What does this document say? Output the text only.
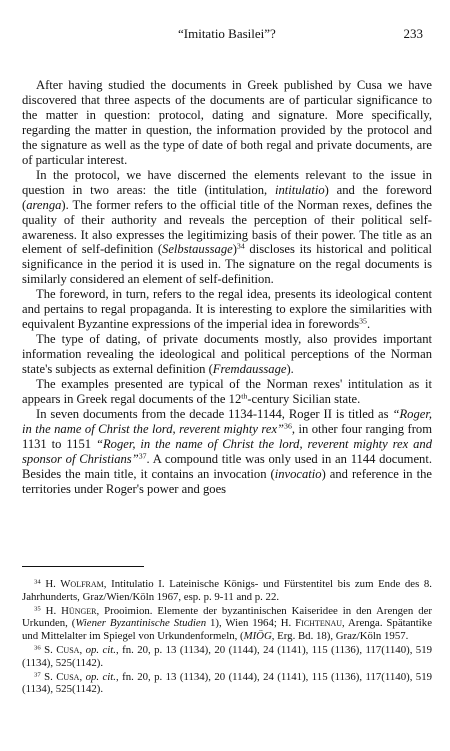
“Imitatio Basilei”?	233

After having studied the documents in Greek published by Cusa we have discovered that three aspects of the documents are of particular significance to the matter in question: protocol, dating and signature. More specifically, regarding the matter in question, the information provided by the protocol and the signature as well as the type of date of both regal and private documents, are of particular interest.

In the protocol, we have discerned the elements relevant to the issue in question in two areas: the title (intitulation, intitulatio) and the foreword (arenga). The former refers to the official title of the Norman rexes, defines the quality of their authority and reveals the perception of their political self-awareness. It also expresses the legitimizing basis of their power. The title as an element of self-definition (Selbstaussage)$^{34}$ discloses its historical and political significance in the period it is used in. The signature on the regal documents is similarly considered an element of self-definition.

The foreword, in turn, refers to the regal idea, presents its ideological content and pertains to regal propaganda. It is interesting to explore the similarities with equivalent Byzantine expressions of the imperial idea in forewords$^{35}$.

The type of dating, of private documents mostly, also provides important information revealing the ideological and political perceptions of the Norman state's subjects as external definition (Fremdaussage).

The examples presented are typical of the Norman rexes' intitulation as it appears in Greek regal documents of the 12th-century Sicilian state.

In seven documents from the decade 1134-1144, Roger II is titled as “Roger, in the name of Christ the lord, reverent mighty rex”$^{36}$, in other four ranging from 1131 to 1151 “Roger, in the name of Christ the lord, reverent mighty rex and sponsor of Christians”$^{37}$. A compound title was only used in an 1144 document. Besides the main title, it contains an invocation (invocatio) and reference in the territories under Roger's power and goes

$^{34}$ H. Wolfram, Intitulatio I. Lateinische Königs- und Fürstentitel bis zum Ende des 8. Jahrhunderts, Graz/Wien/Köln 1967, esp. p. 9-11 and p. 22.

$^{35}$ H. Hünger, Prooimion. Elemente der byzantinischen Kaiseridee in den Arengen der Urkunden, (Wiener Byzantinische Studien 1), Wien 1964; H. Fichtenau, Arenga. Spätantike und Mittelalter im Spiegel von Urkundenformeln, (MIÖG, Erg. Bd. 18), Graz/Köln 1957.

$^{36}$ S. Cusa, op. cit., fn. 20, p. 13 (1134), 20 (1144), 24 (1141), 115 (1136), 117(1140), 519 (1134), 525(1142).

$^{37}$ S. Cusa, op. cit., fn. 20, p. 13 (1134), 20 (1144), 24 (1141), 115 (1136), 117(1140), 519 (1134), 525(1142).
